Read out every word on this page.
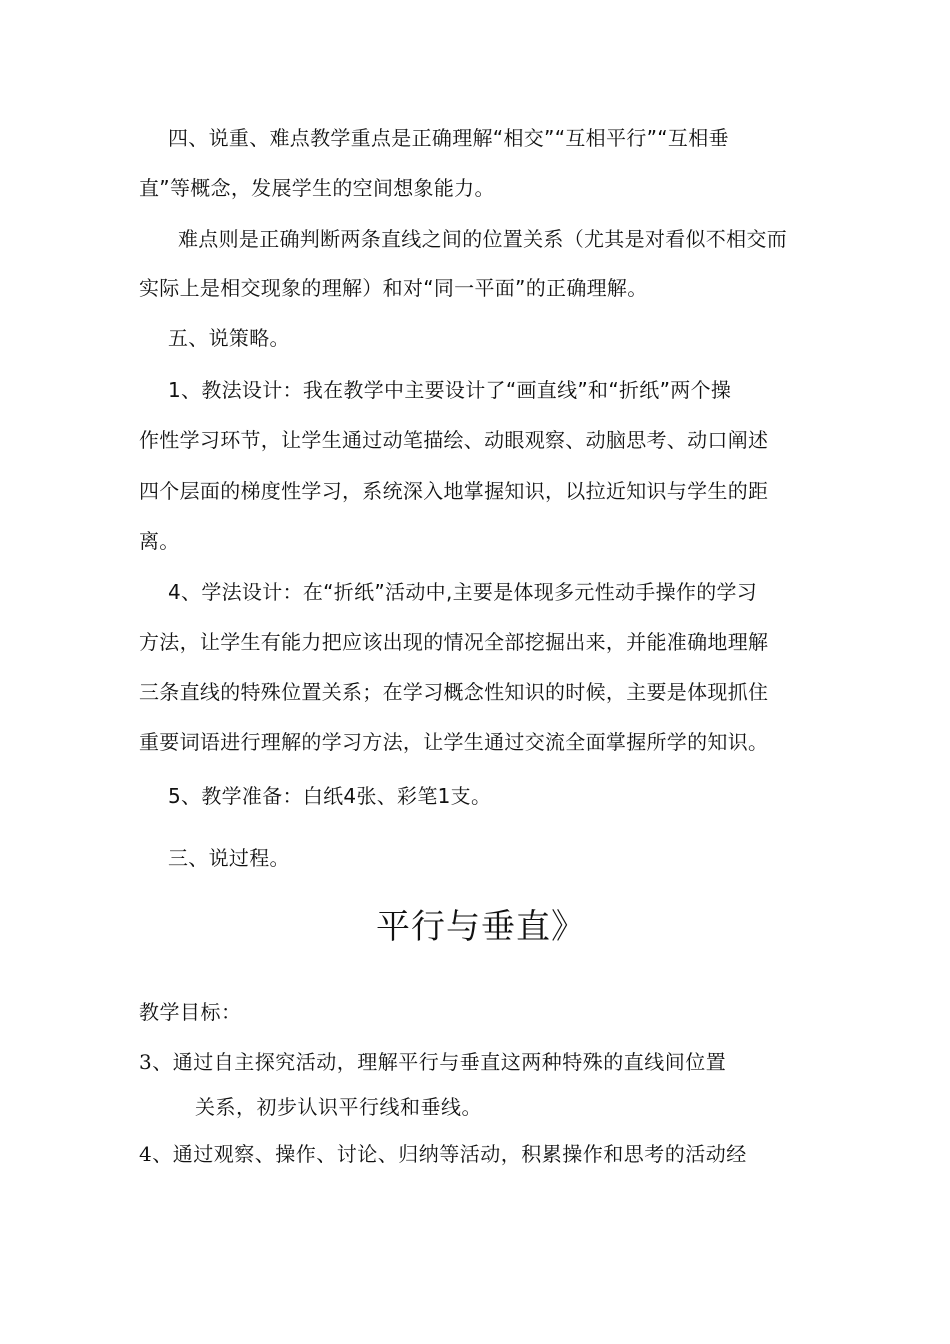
四、说重、难点教学重点是正确理解“相交”“互相平行”“互相垂
直”等概念，发展学生的空间想象能力。
难点则是正确判断两条直线之间的位置关系（尤其是对看似不相交而
实际上是相交现象的理解）和对“同一平面”的正确理解。
五、说策略。
1、教法设计：我在教学中主要设计了“画直线”和“折纸”两个操
作性学习环节，让学生通过动笔描绘、动眼观察、动脑思考、动口阐述
四个层面的梯度性学习，系统深入地掌握知识，以拉近知识与学生的距
离。
4、学法设计：在“折纸”活动中,主要是体现多元性动手操作的学习
方法，让学生有能力把应该出现的情况全部挖掘出来，并能准确地理解
三条直线的特殊位置关系；在学习概念性知识的时候，主要是体现抓住
重要词语进行理解的学习方法，让学生通过交流全面掌握所学的知识。
5、教学准备：白纸4张、彩笔1支。
三、说过程。
平行与垂直》
教学目标：
3、通过自主探究活动，理解平行与垂直这两种特殊的直线间位置
关系，初步认识平行线和垂线。
4、通过观察、操作、讨论、归纳等活动，积累操作和思考的活动经
